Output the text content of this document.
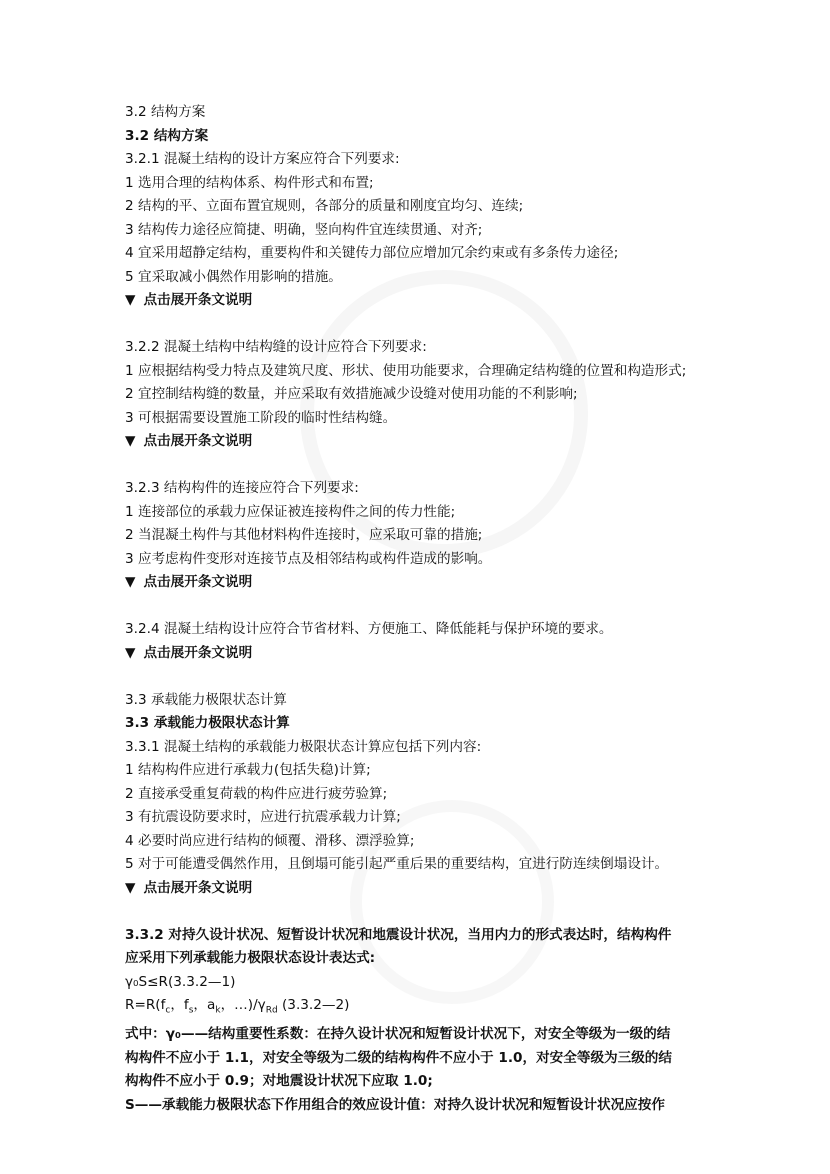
3.2 结构方案
3.2 结构方案
3.2.1 混凝土结构的设计方案应符合下列要求:
1 选用合理的结构体系、构件形式和布置;
2 结构的平、立面布置宜规则，各部分的质量和刚度宜均匀、连续;
3 结构传力途径应简捷、明确，竖向构件宜连续贯通、对齐;
4 宜采用超静定结构，重要构件和关键传力部位应增加冗余约束或有多条传力途径;
5 宜采取减小偶然作用影响的措施。
▼ 点击展开条文说明
3.2.2 混凝土结构中结构缝的设计应符合下列要求:
1 应根据结构受力特点及建筑尺度、形状、使用功能要求，合理确定结构缝的位置和构造形式;
2 宜控制结构缝的数量，并应采取有效措施减少设缝对使用功能的不利影响;
3 可根据需要设置施工阶段的临时性结构缝。
▼ 点击展开条文说明
3.2.3 结构构件的连接应符合下列要求:
1 连接部位的承载力应保证被连接构件之间的传力性能;
2 当混凝土构件与其他材料构件连接时，应采取可靠的措施;
3 应考虑构件变形对连接节点及相邻结构或构件造成的影响。
▼ 点击展开条文说明
3.2.4 混凝土结构设计应符合节省材料、方便施工、降低能耗与保护环境的要求。
▼ 点击展开条文说明
3.3 承载能力极限状态计算
3.3 承载能力极限状态计算
3.3.1 混凝土结构的承载能力极限状态计算应包括下列内容:
1 结构构件应进行承载力(包括失稳)计算;
2 直接承受重复荷载的构件应进行疲劳验算;
3 有抗震设防要求时，应进行抗震承载力计算;
4 必要时尚应进行结构的倾覆、滑移、漂浮验算;
5 对于可能遭受偶然作用，且倒塌可能引起严重后果的重要结构，宜进行防连续倒塌设计。
▼ 点击展开条文说明
3.3.2 对持久设计状况、短暂设计状况和地震设计状况，当用内力的形式表达时，结构构件
应采用下列承载能力极限状态设计表达式:
γ₀S≤R(3.3.2—1)
$R=R(f_c$，$f_s$，$a_k$，$\dots)/\gamma_{Rd}$ (3.3.2—2)
式中：γ₀——结构重要性系数：在持久设计状况和短暂设计状况下，对安全等级为一级的结
构构件不应小于 1.1，对安全等级为二级的结构构件不应小于 1.0，对安全等级为三级的结
构构件不应小于 0.9；对地震设计状况下应取 1.0;
S——承载能力极限状态下作用组合的效应设计值：对持久设计状况和短暂设计状况应按作
